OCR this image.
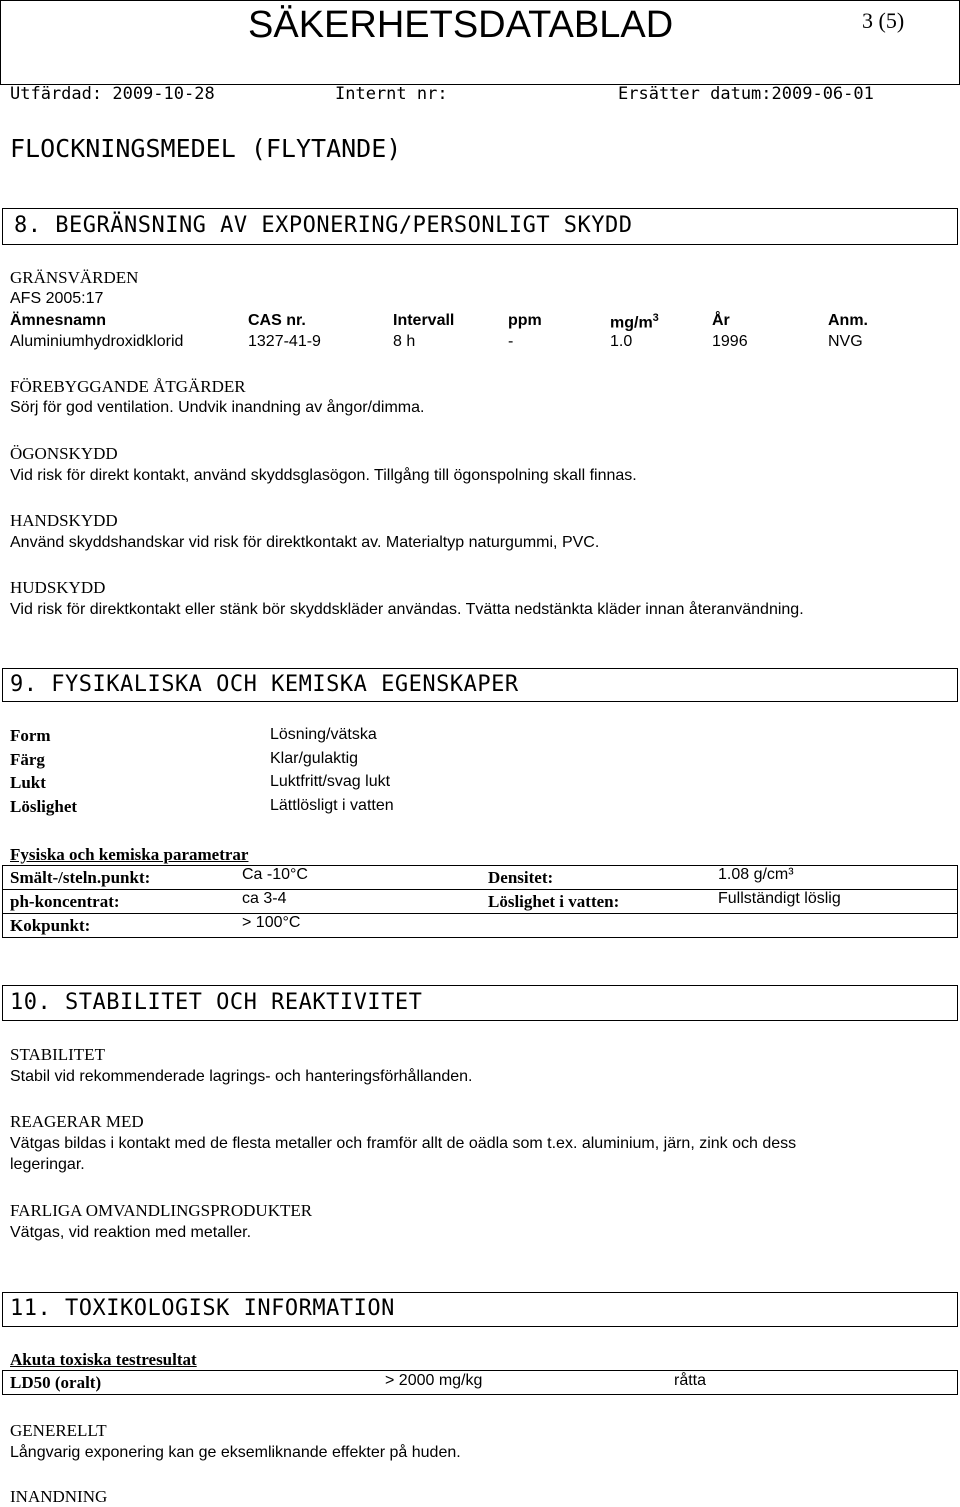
SÄKERHETSDATABLAD	3 (5)
Utfärdad: 2009-10-28	Internt nr:	Ersätter datum:2009-06-01
FLOCKNINGSMEDEL (FLYTANDE)
8. BEGRÄNSNING AV EXPONERING/PERSONLIGT SKYDD
GRÄNSVÄRDEN
AFS 2005:17
Ämnesnamn	CAS nr.	Intervall	ppm	$mg/m^3$	År	Anm.
Aluminiumhydroxidklorid	1327-41-9	8 h	-	1.0	1996	NVG
FÖREBYGGANDE ÅTGÄRDER
Sörj för god ventilation. Undvik inandning av ångor/dimma.
ÖGONSKYDD
Vid risk för direkt kontakt, använd skyddsglasögon. Tillgång till ögonspolning skall finnas.
HANDSKYDD
Använd skyddshandskar vid risk för direktkontakt av. Materialtyp naturgummi, PVC.
HUDSKYDD
Vid risk för direktkontakt eller stänk bör skyddskläder användas. Tvätta nedstänkta kläder innan återanvändning.
9. FYSIKALISKA OCH KEMISKA EGENSKAPER
Form	Lösning/vätska
Färg	Klar/gulaktig
Lukt	Luktfritt/svag lukt
Löslighet	Lättlösligt i vatten
Fysiska och kemiska parametrar
Smält-/steln.punkt:	Ca -10°C	Densitet:	1.08 g/cm³
ph-koncentrat:	ca 3-4	Löslighet i vatten:	Fullständigt löslig
Kokpunkt:	> 100°C
10. STABILITET OCH REAKTIVITET
STABILITET
Stabil vid rekommenderade lagrings- och hanteringsförhållanden.
REAGERAR MED
Vätgas bildas i kontakt med de flesta metaller och framför allt de oädla som t.ex. aluminium, järn, zink och dess
legeringar.
FARLIGA OMVANDLINGSPRODUKTER
Vätgas, vid reaktion med metaller.
11. TOXIKOLOGISK INFORMATION
Akuta toxiska testresultat
LD50 (oralt)	> 2000 mg/kg	råtta
GENERELLT
Långvarig exponering kan ge eksemliknande effekter på huden.
INANDNING
